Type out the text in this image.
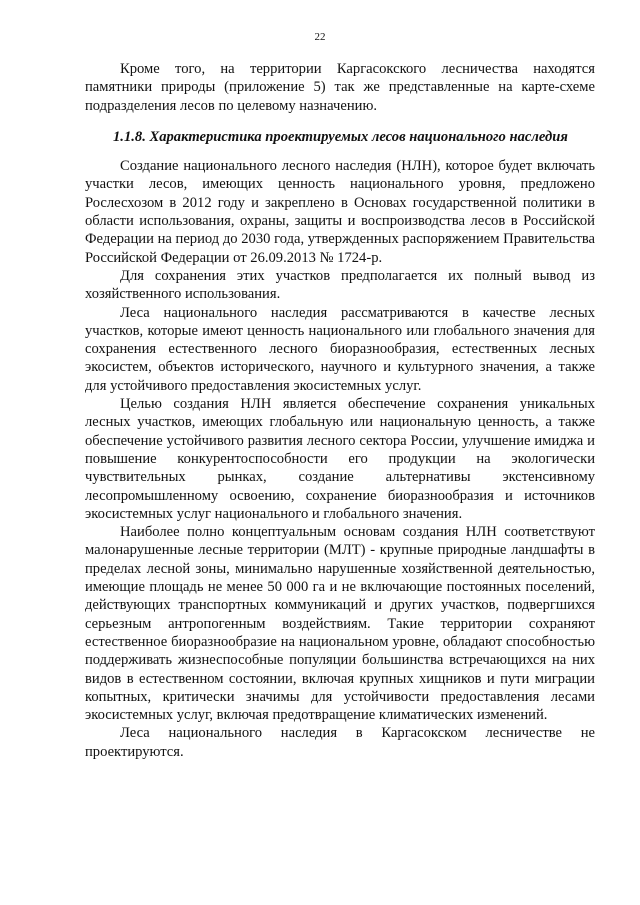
22

Кроме того, на территории Каргасокского лесничества находятся памятники природы (приложение 5) так же представленные на карте-схеме подразделения лесов по целевому назначению.

1.1.8. Характеристика проектируемых лесов национального наследия

Создание национального лесного наследия (НЛН), которое будет включать участки лесов, имеющих ценность национального уровня, предложено Рослесхозом в 2012 году и закреплено в Основах государственной политики в области использования, охраны, защиты и воспроизводства лесов в Российской Федерации на период до 2030 года, утвержденных распоряжением Правительства Российской Федерации от 26.09.2013 № 1724-р.

Для сохранения этих участков предполагается их полный вывод из хозяйственного использования.

Леса национального наследия рассматриваются в качестве лесных участков, которые имеют ценность национального или глобального значения для сохранения естественного лесного биоразнообразия, естественных лесных экосистем, объектов исторического, научного и культурного значения, а также для устойчивого предоставления экосистемных услуг.

Целью создания НЛН является обеспечение сохранения уникальных лесных участков, имеющих глобальную или национальную ценность, а также обеспечение устойчивого развития лесного сектора России, улучшение имиджа и повышение конкурентоспособности его продукции на экологически чувствительных рынках, создание альтернативы экстенсивному лесопромышленному освоению, сохранение биоразнообразия и источников экосистемных услуг национального и глобального значения.

Наиболее полно концептуальным основам создания НЛН соответствуют малонарушенные лесные территории (МЛТ) - крупные природные ландшафты в пределах лесной зоны, минимально нарушенные хозяйственной деятельностью, имеющие площадь не менее 50 000 га и не включающие постоянных поселений, действующих транспортных коммуникаций и других участков, подвергшихся серьезным антропогенным воздействиям. Такие территории сохраняют естественное биоразнообразие на национальном уровне, обладают способностью поддерживать жизнеспособные популяции большинства встречающихся на них видов в естественном состоянии, включая крупных хищников и пути миграции копытных, критически значимы для устойчивости предоставления лесами экосистемных услуг, включая предотвращение климатических изменений.

Леса национального наследия в Каргасокском лесничестве не проектируются.
